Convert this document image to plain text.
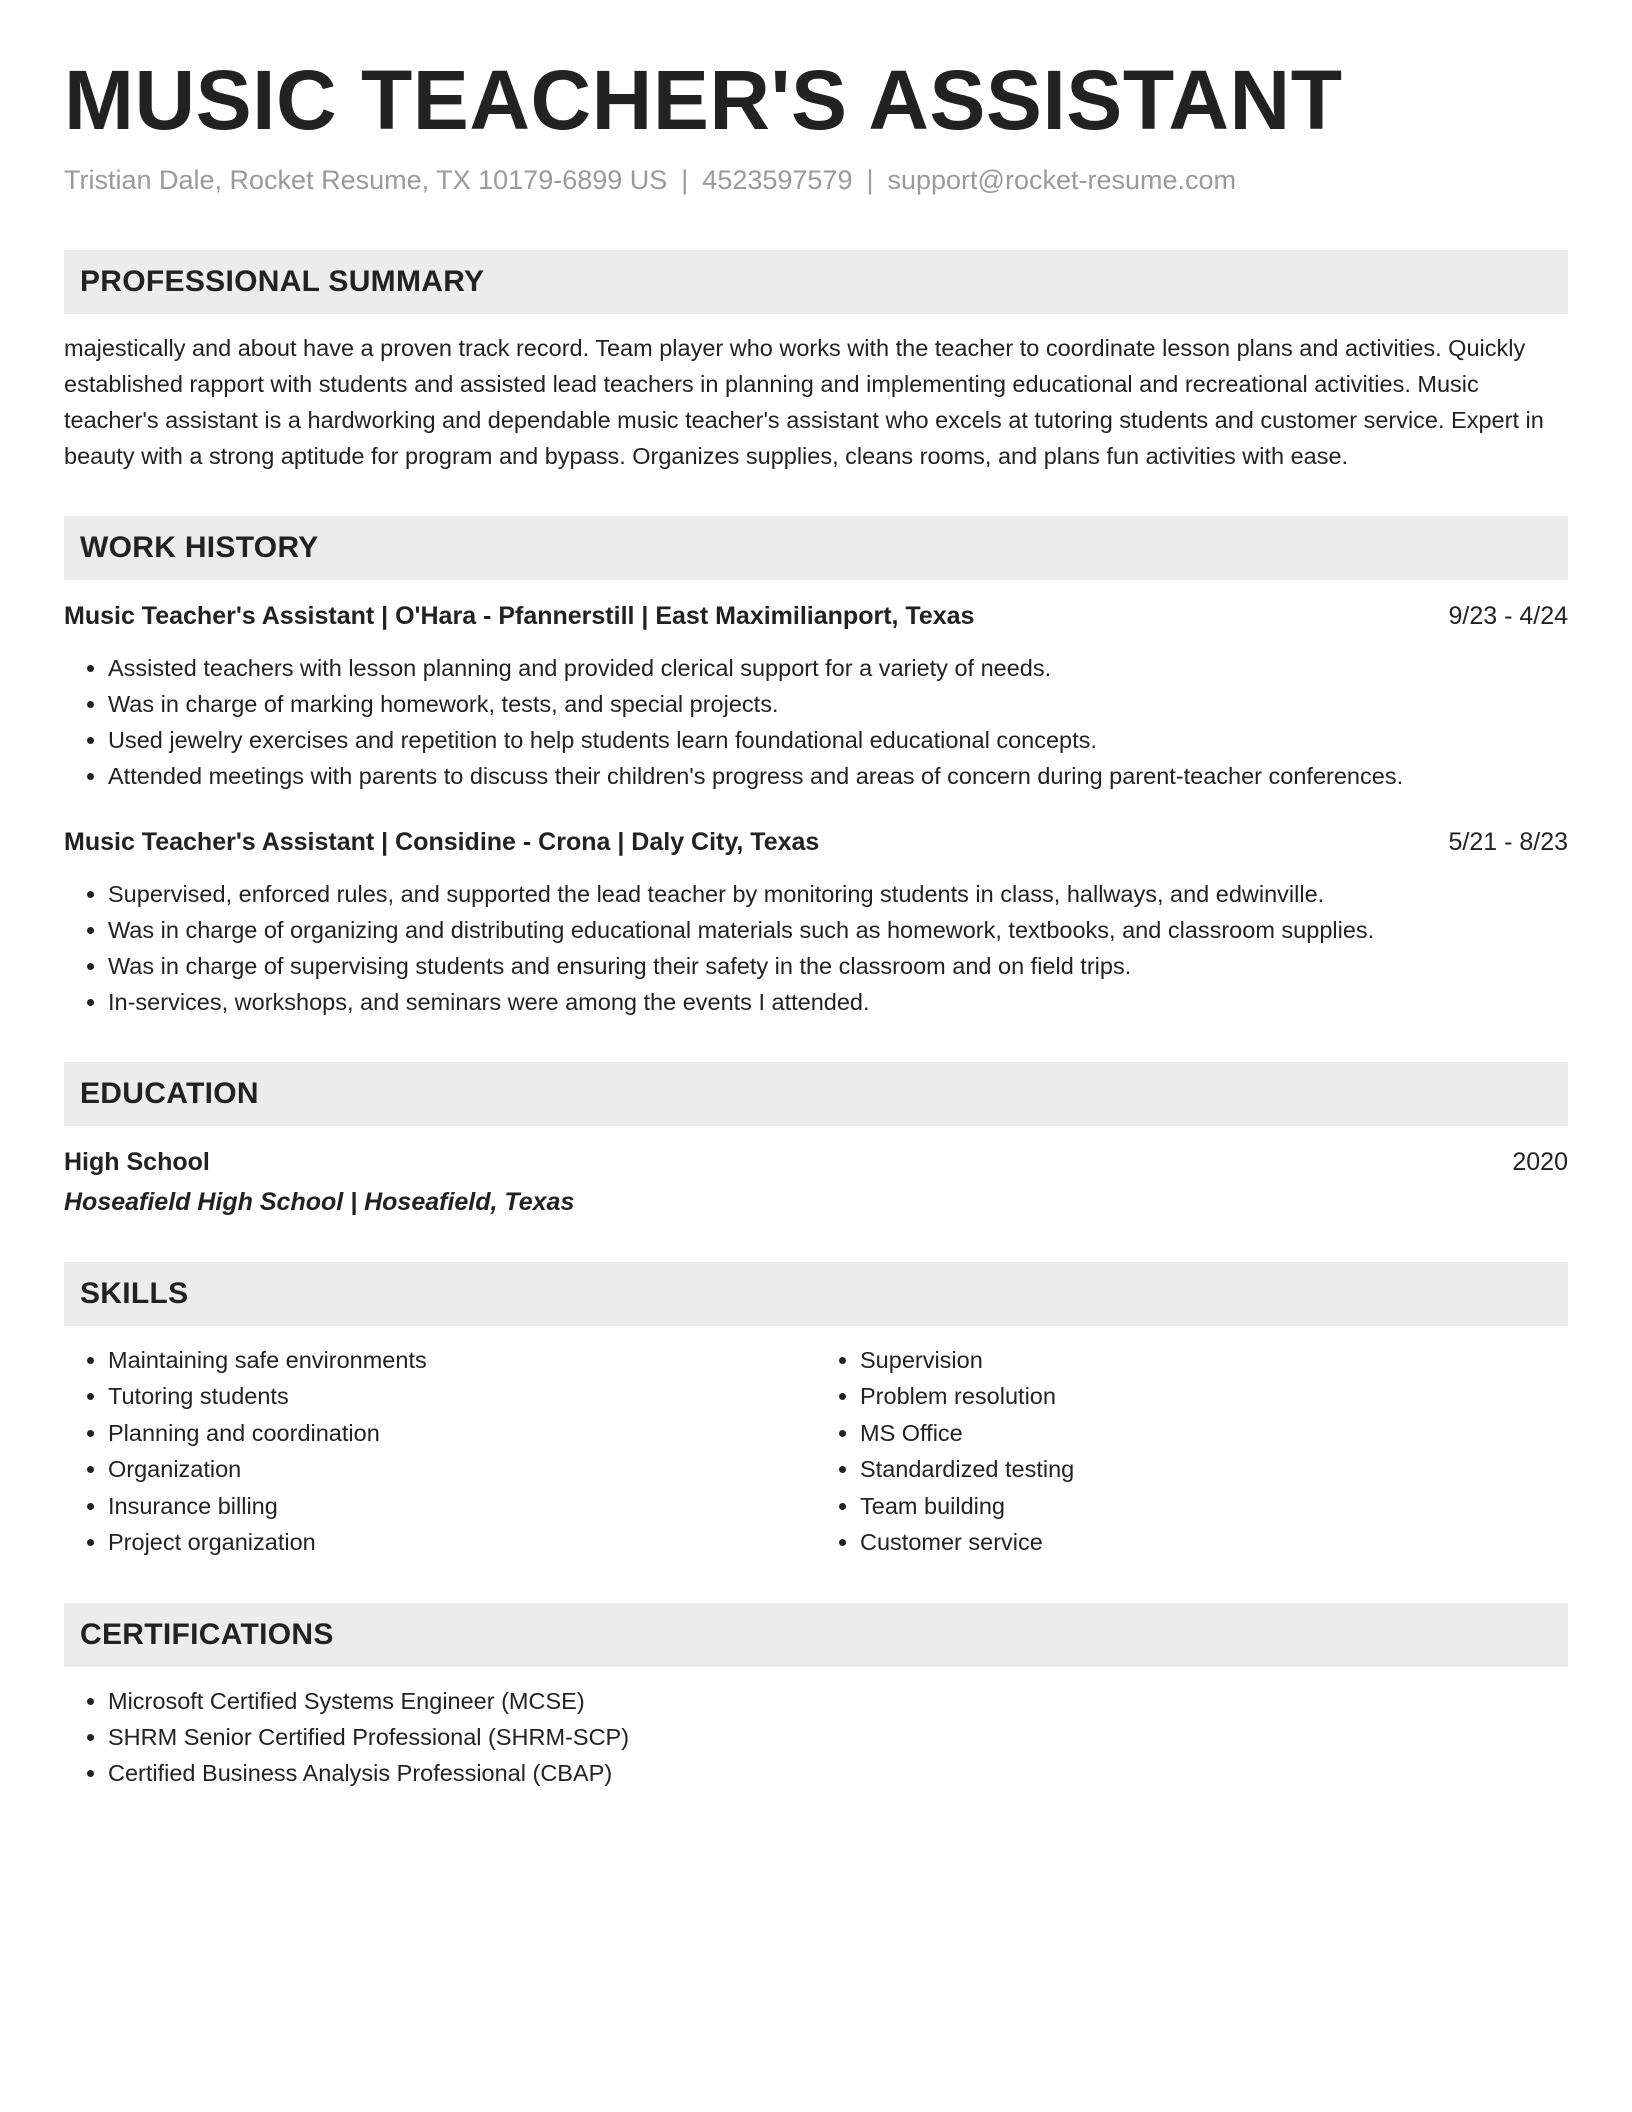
MUSIC TEACHER'S ASSISTANT
Tristian Dale, Rocket Resume, TX 10179-6899 US | 4523597579 | support@rocket-resume.com
PROFESSIONAL SUMMARY

majestically and about have a proven track record. Team player who works with the teacher to coordinate lesson plans and activities. Quickly established rapport with students and assisted lead teachers in planning and implementing educational and recreational activities. Music teacher's assistant is a hardworking and dependable music teacher's assistant who excels at tutoring students and customer service. Expert in beauty with a strong aptitude for program and bypass. Organizes supplies, cleans rooms, and plans fun activities with ease.

WORK HISTORY
Music Teacher's Assistant | O'Hara - Pfannerstill | East Maximilianport, Texas	9/23 - 4/24
• Assisted teachers with lesson planning and provided clerical support for a variety of needs.
• Was in charge of marking homework, tests, and special projects.
• Used jewelry exercises and repetition to help students learn foundational educational concepts.
• Attended meetings with parents to discuss their children's progress and areas of concern during parent-teacher conferences.
Music Teacher's Assistant | Considine - Crona | Daly City, Texas	5/21 - 8/23
• Supervised, enforced rules, and supported the lead teacher by monitoring students in class, hallways, and edwinville.
• Was in charge of organizing and distributing educational materials such as homework, textbooks, and classroom supplies.
• Was in charge of supervising students and ensuring their safety in the classroom and on field trips.
• In-services, workshops, and seminars were among the events I attended.
EDUCATION
High School	2020
Hoseafield High School | Hoseafield, Texas
SKILLS
• Maintaining safe environments
• Tutoring students
• Planning and coordination
• Organization
• Insurance billing
• Project organization
• Supervision
• Problem resolution
• MS Office
• Standardized testing
• Team building
• Customer service
CERTIFICATIONS
• Microsoft Certified Systems Engineer (MCSE)
• SHRM Senior Certified Professional (SHRM-SCP)
• Certified Business Analysis Professional (CBAP)
